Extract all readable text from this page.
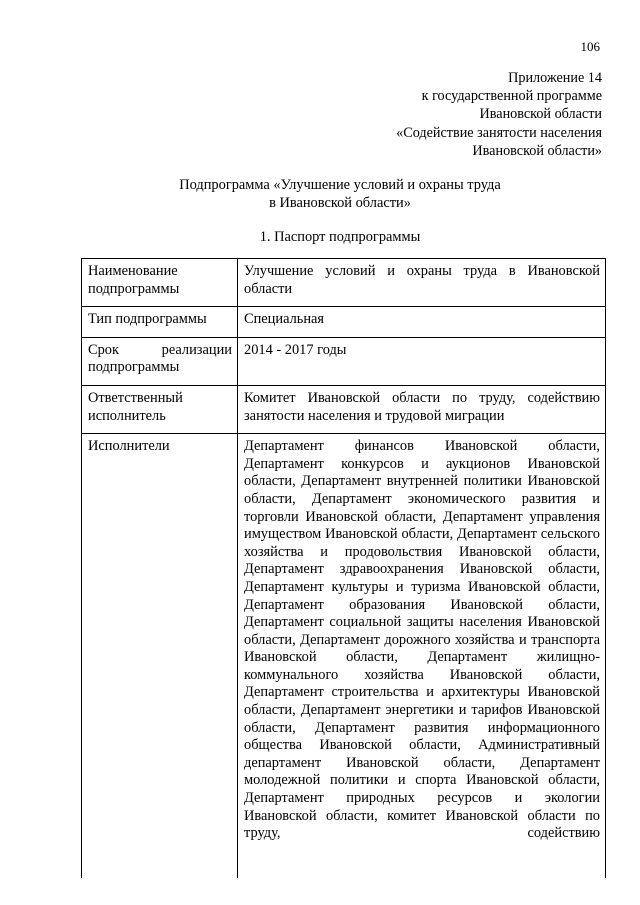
106
Приложение 14
к государственной программе
Ивановской области
«Содействие занятости населения
Ивановской области»
Подпрограмма «Улучшение условий и охраны труда
в Ивановской области»
1. Паспорт подпрограммы
Наименование подпрограммы	Улучшение условий и охраны труда в Ивановской области
Тип подпрограммы	Специальная
Срок реализации подпрограммы	2014 - 2017 годы
Ответственный исполнитель	Комитет Ивановской области по труду, содействию занятости населения и трудовой миграции
Исполнители	Департамент финансов Ивановской области, Департамент конкурсов и аукционов Ивановской области, Департамент внутренней политики Ивановской области, Департамент экономического развития и торговли Ивановской области, Департамент управления имуществом Ивановской области, Департамент сельского хозяйства и продовольствия Ивановской области, Департамент здравоохранения Ивановской области, Департамент культуры и туризма Ивановской области, Департамент образования Ивановской области, Департамент социальной защиты населения Ивановской области, Департамент дорожного хозяйства и транспорта Ивановской области, Департамент жилищно-коммунального хозяйства Ивановской области, Департамент строительства и архитектуры Ивановской области, Департамент энергетики и тарифов Ивановской области, Департамент развития информационного общества Ивановской области, Административный департамент Ивановской области, Департамент молодежной политики и спорта Ивановской области, Департамент природных ресурсов и экологии Ивановской области, комитет Ивановской области по труду, содействию
